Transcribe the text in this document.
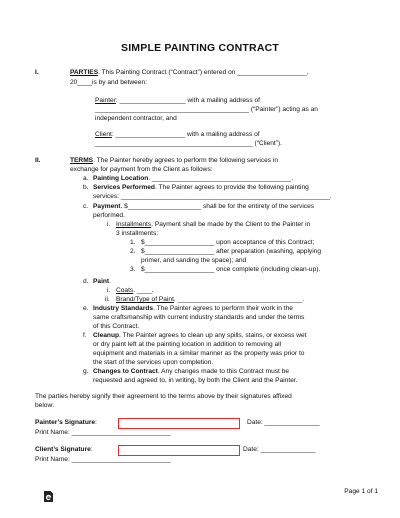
SIMPLE PAINTING CONTRACT
I.	PARTIES. This Painting Contract (“Contract”) entered on ___________________,
20____is by and between:
Painter: __________________ with a mailing address of
__________________________________________ (“Painter”) acting as an
independent contractor, and
Client: ___________________ with a mailing address of
___________________________________________ (“Client”).
II.	TERMS. The Painter hereby agrees to perform the following services in
exchange for payment from the Client as follows:
a. Painting Location. ______________________________________.
b. Services Performed. The Painter agrees to provide the following painting
services: _________________________________________________________.
c. Payment. $____________________ shall be for the entirety of the services
performed.
i. Installments. Payment shall be made by the Client to the Painter in
3 installments:
1. $___________________ upon acceptance of this Contract;
2. $___________________ after preparation (washing, applying
primer, and sanding the space); and
3. $___________________ once complete (including clean-up).
d. Paint.
i. Coats. ____.
ii. Brand/Type of Paint. __________________________________.
e. Industry Standards. The Painter agrees to perform their work in the
same craftsmanship with current industry standards and under the terms
of this Contract.
f. Cleanup. The Painter agrees to clean up any spills, stains, or excess wet
or dry paint left at the painting location in addition to removing all
equipment and materials in a similar manner as the property was prior to
the start of the services upon completion.
g. Changes to Contract. Any changes made to this Contract must be
requested and agreed to, in writing, by both the Client and the Painter.
The parties hereby signify their agreement to the terms above by their signatures affixed
below:
Painter’s Signature:	Date: _______________
Print Name: ___________________________
Client’s Signature:	Date: _______________
Print Name: ___________________________
Page 1 of 1
